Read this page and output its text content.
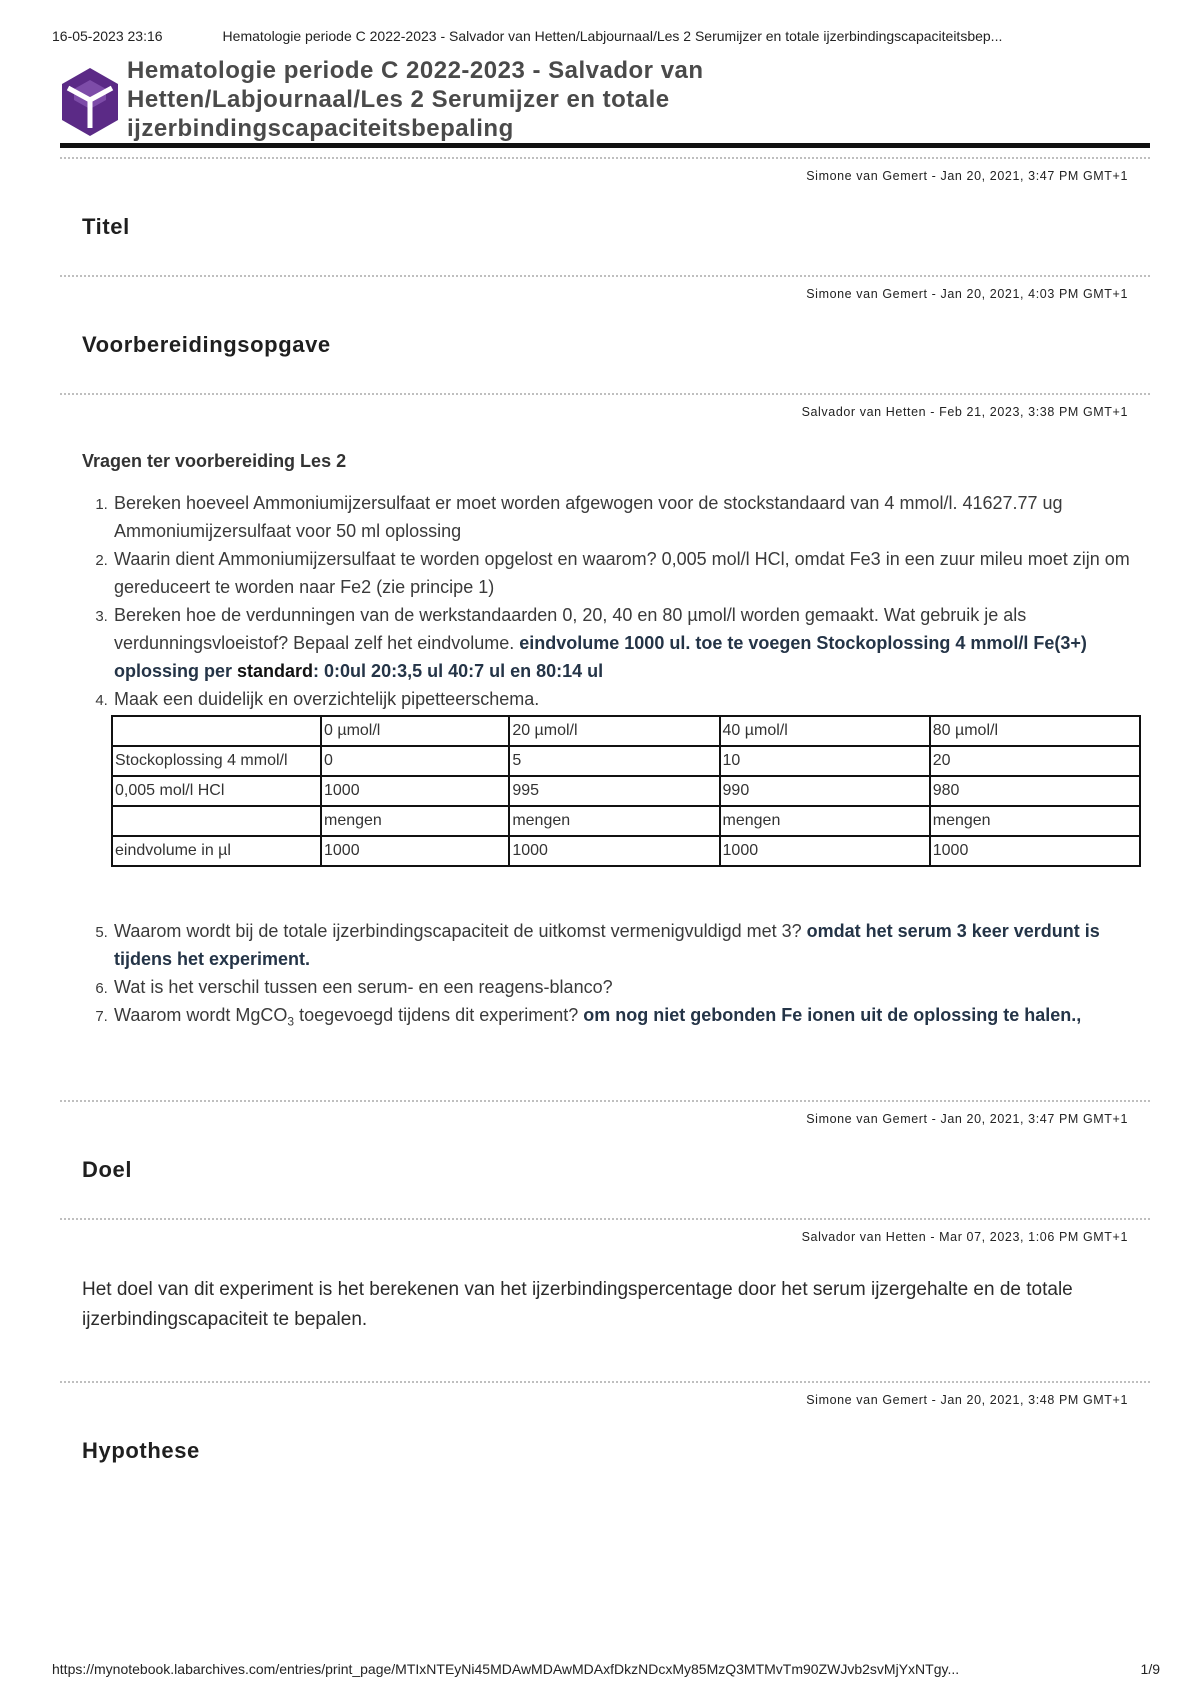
16-05-2023 23:16	Hematologie periode C 2022-2023 - Salvador van Hetten/Labjournaal/Les 2 Serumijzer en totale ijzerbindingscapaciteitsbep...
Hematologie periode C 2022-2023 - Salvador van Hetten/Labjournaal/Les 2 Serumijzer en totale ijzerbindingscapaciteitsbepaling
Simone van Gemert - Jan 20, 2021, 3:47 PM GMT+1
Titel
Simone van Gemert - Jan 20, 2021, 4:03 PM GMT+1
Voorbereidingsopgave
Salvador van Hetten - Feb 21, 2023, 3:38 PM GMT+1
Vragen ter voorbereiding Les 2
1. Bereken hoeveel Ammoniumijzersulfaat er moet worden afgewogen voor de stockstandaard van 4 mmol/l. 41627.77 ug Ammoniumijzersulfaat voor 50 ml oplossing
2. Waarin dient Ammoniumijzersulfaat te worden opgelost en waarom? 0,005 mol/l HCl, omdat Fe3 in een zuur mileu moet zijn om gereduceert te worden naar Fe2 (zie principe 1)
3. Bereken hoe de verdunningen van de werkstandaarden 0, 20, 40 en 80 µmol/l worden gemaakt. Wat gebruik je als verdunningsvloeistof? Bepaal zelf het eindvolume. eindvolume 1000 ul. toe te voegen Stockoplossing 4 mmol/l Fe(3+) oplossing per standard: 0:0ul 20:3,5 ul 40:7 ul en 80:14 ul
4. Maak een duidelijk en overzichtelijk pipetteerschema.
	0 µmol/l	20 µmol/l	40 µmol/l	80 µmol/l
Stockoplossing 4 mmol/l	0	5	10	20
0,005 mol/l HCl	1000	995	990	980
	mengen	mengen	mengen	mengen
eindvolume in µl	1000	1000	1000	1000
5. Waarom wordt bij de totale ijzerbindingscapaciteit de uitkomst vermenigvuldigd met 3? omdat het serum 3 keer verdunt is tijdens het experiment.
6. Wat is het verschil tussen een serum- en een reagens-blanco?
7. Waarom wordt MgCO$_3$ toegevoegd tijdens dit experiment? om nog niet gebonden Fe ionen uit de oplossing te halen.,
Simone van Gemert - Jan 20, 2021, 3:47 PM GMT+1
Doel
Salvador van Hetten - Mar 07, 2023, 1:06 PM GMT+1

Het doel van dit experiment is het berekenen van het ijzerbindingspercentage door het serum ijzergehalte en de totale ijzerbindingscapaciteit te bepalen.

Simone van Gemert - Jan 20, 2021, 3:48 PM GMT+1
Hypothese
https://mynotebook.labarchives.com/entries/print_page/MTIxNTEyNi45MDAwMDAwMDAxfDkzNDcxMy85MzQ3MTMvTm90ZWJvb2svMjYxNTgy...	1/9
